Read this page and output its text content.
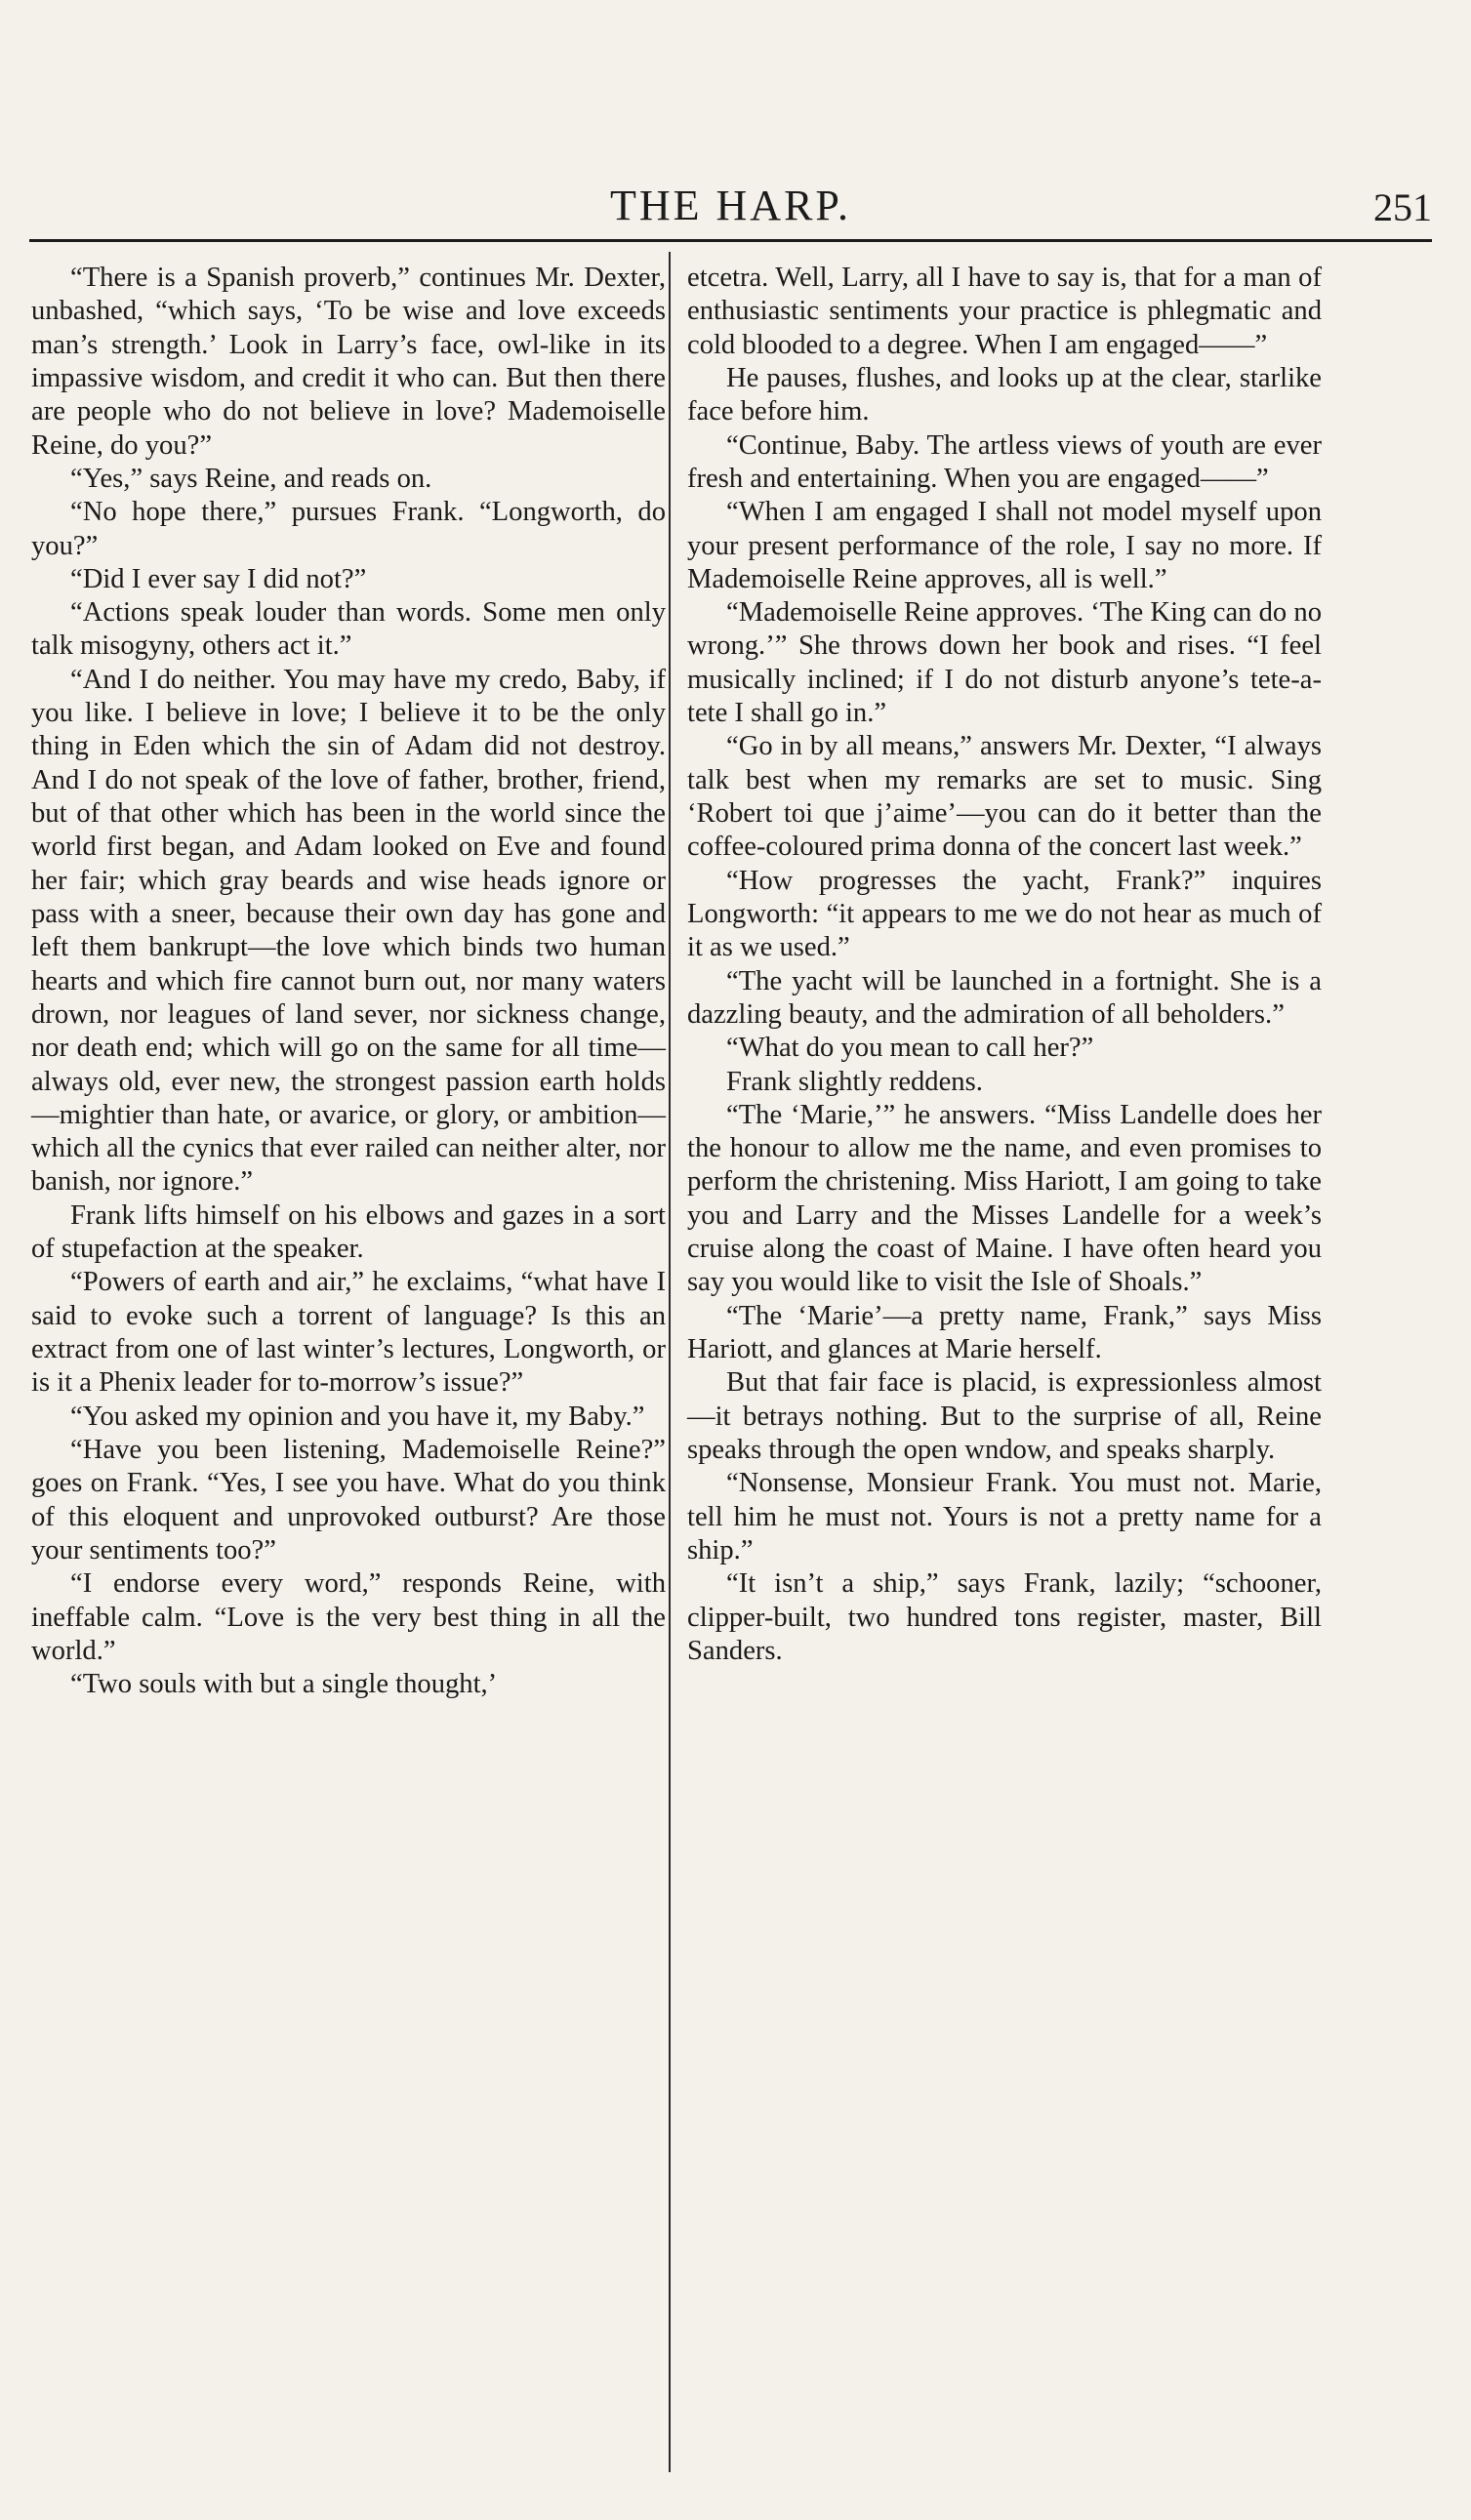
THE HARP.	251

“There is a Spanish proverb,” continues Mr. Dexter, unbashed, “which says, ‘To be wise and love exceeds man’s strength.’ Look in Larry’s face, owl-like in its impassive wisdom, and credit it who can. But then there are people who do not believe in love? Mademoiselle Reine, do you?”

“Yes,” says Reine, and reads on.

“No hope there,” pursues Frank. “Longworth, do you?”

“Did I ever say I did not?”

“Actions speak louder than words. Some men only talk misogyny, others act it.”

“And I do neither. You may have my credo, Baby, if you like. I believe in love; I believe it to be the only thing in Eden which the sin of Adam did not destroy. And I do not speak of the love of father, brother, friend, but of that other which has been in the world since the world first began, and Adam looked on Eve and found her fair; which gray beards and wise heads ignore or pass with a sneer, because their own day has gone and left them bankrupt—the love which binds two human hearts and which fire cannot burn out, nor many waters drown, nor leagues of land sever, nor sickness change, nor death end; which will go on the same for all time—always old, ever new, the strongest passion earth holds—mightier than hate, or avarice, or glory, or ambition—which all the cynics that ever railed can neither alter, nor banish, nor ignore.”

Frank lifts himself on his elbows and gazes in a sort of stupefaction at the speaker.

“Powers of earth and air,” he exclaims, “what have I said to evoke such a torrent of language? Is this an extract from one of last winter’s lectures, Longworth, or is it a Phenix leader for to-morrow’s issue?”

“You asked my opinion and you have it, my Baby.”

“Have you been listening, Mademoiselle Reine?” goes on Frank. “Yes, I see you have. What do you think of this eloquent and unprovoked outburst? Are those your sentiments too?”

“I endorse every word,” responds Reine, with ineffable calm. “Love is the very best thing in all the world.”

“Two souls with but a single thought,’

etcetra. Well, Larry, all I have to say is, that for a man of enthusiastic sentiments your practice is phlegmatic and cold blooded to a degree. When I am engaged——”

He pauses, flushes, and looks up at the clear, starlike face before him.

“Continue, Baby. The artless views of youth are ever fresh and entertaining. When you are engaged——”

“When I am engaged I shall not model myself upon your present performance of the role, I say no more. If Mademoiselle Reine approves, all is well.”

“Mademoiselle Reine approves. ‘The King can do no wrong.’” She throws down her book and rises. “I feel musically inclined; if I do not disturb anyone’s tete-a-tete I shall go in.”

“Go in by all means,” answers Mr. Dexter, “I always talk best when my remarks are set to music. Sing ‘Robert toi que j’aime’—you can do it better than the coffee-coloured prima donna of the concert last week.”

“How progresses the yacht, Frank?” inquires Longworth: “it appears to me we do not hear as much of it as we used.”

“The yacht will be launched in a fortnight. She is a dazzling beauty, and the admiration of all beholders.”

“What do you mean to call her?”

Frank slightly reddens.

“The ‘Marie,’” he answers. “Miss Landelle does her the honour to allow me the name, and even promises to perform the christening. Miss Hariott, I am going to take you and Larry and the Misses Landelle for a week’s cruise along the coast of Maine. I have often heard you say you would like to visit the Isle of Shoals.”

“The ‘Marie’—a pretty name, Frank,” says Miss Hariott, and glances at Marie herself.

But that fair face is placid, is expressionless almost—it betrays nothing. But to the surprise of all, Reine speaks through the open wndow, and speaks sharply.

“Nonsense, Monsieur Frank. You must not. Marie, tell him he must not. Yours is not a pretty name for a ship.”

“It isn’t a ship,” says Frank, lazily; “schooner, clipper-built, two hundred tons register, master, Bill Sanders.
